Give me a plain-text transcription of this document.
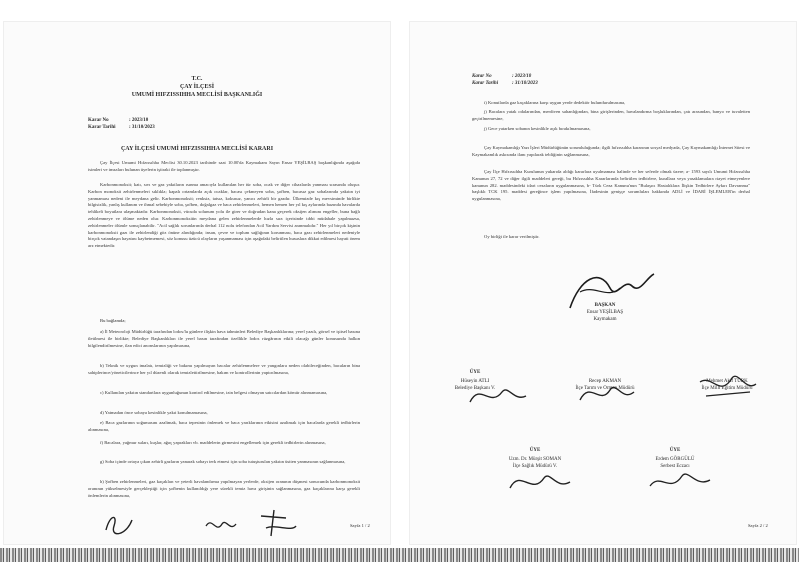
T.C.
ÇAY İLÇESİ
UMUMİ HIFZISSIHHA MECLİSİ BAŞKANLIĞI
Karar No	: 2023/10
Karar Tarihi	: 31/10/2023
ÇAY İLÇESİ UMUMİ HIFZISSIHHA MECLİSİ KARARI
Çay İlçesi Umumi Hıfzıssıhha Meclisi 30.10.2023 tarihinde saat 10.00'da Kaymakam Sayın Ensar YEŞİLBAŞ başkanlığında aşağıda isimleri ve imzaları bulunan üyelerin iştiraki ile toplanmıştır.
Karbonmonoksit; katı, sıvı ve gaz yakıtların ısınma amacıyla kullanılan her tür soba, ocak ve diğer cihazlarda yanması sırasında oluşur. Karbon monoksit zehirlenmeleri sıklıkla; kapalı ortamlarda açık ocaklar, bacası çekmeyen soba, şofben, bacasız gaz sobalarında yakıtın iyi yanmaması nedeni ile meydana gelir. Karbonmonoksit; renksiz, tatsız, kokusuz, yanıcı zehirli bir gazdır. Ülkemizde kış mevsiminde birlikte bilgisizlik, yanlış kullanım ve ihmal sebebiyle soba, şofben, doğalgaz ve baca zehirlenmeleri, hemen hemen her yıl kış aylarında bazında havalarda tehlikeli boyutlara ulaşmaktadır. Karbonmonoksit, vücuda solunum yolu ile girer ve doğrudan kana geçerek oksijen alımını engeller, buna bağlı zehirlenmeye ve ölüme neden olur. Karbonmonoksitin meydana gelen zehirlenmelerde hızla sıra içerisinde tıbbi müdahale yapılmazsa, zehirlenmeler ölümle sonuçlanabilir. "Acil sağlık sorunlarında derhal 112 nolu telefondan Acil Yardım Servisi aranmalıdır." Her yıl birçok kişinin karbonmonoksit gazı ile zehirlendiği göz önüne alındığında; insan, çevre ve toplum sağlığının korunması, baca gazı zehirlenmeleri nedeniyle birçok vatandaşın hayatını kaybetmemesi, söz konusu üzücü olayların yaşanmaması için aşağıdaki belirtilen hususlara dikkat edilmesi hayati önem arz etmektedir.
Bu bağlamda;
a) İl Meteoroloji Müdürlüğü tarafından lodos/lu günlere ilişkin hava tahminleri Belediye Başkanlıklarına; yerel yazılı, görsel ve işitsel basına iletilmesi ile birlikte; Belediye Başkanlıkları ile yerel basın tarafından özellikle lodos rüzgârının etkili olacağı günler konusunda halkın bilgilendirilmesine, ilan edici anonslarının yapılmasına,
b) Teknik ve uygun imalatı, temizliği ve bakımı yapılmayan bacalar zehirlenmelere ve yangınlara neden olabileceğinden, bacaların bina sahiplerince/yöneticilerince her yıl düzenli olarak temizlettirilmesine, bakım ve kontrollerinin yaptırılmasına,
c) Kullanılan yakıtın standartlara uygunluğunun kontrol edilmesine, izin belgesi olmayan satıcılardan kömür alınmamasına,
d) Yatmadan önce sobaya kesinlikle yakıt konulmamasına,
e) Baca gazlarının soğumasını azaltmak, baca tepesinin önlemek ve baca yarıklarının etkisini azaltmak için bacalarda gerekli tedbirlerin alınmasına,
f) Bacalara, yağmur suları, kuşlar, ağaç yaprakları vb. maddelerin girmesini engellemek için gerekli tedbirlerin alınmasına,
g) Soba içinde ortaya çıkan zehirli gazların yanarak sobayı terk etmesi için soba tutuşturulan yakıtın üstten yanmasının sağlanmasına,
h) Şofben zehirlenmeleri, gaz kaçakları ve yeterli havalandırma yapılmayan yerlerde, oksijen oranının düşmesi sonucunda karbonmonoksit oranının yükselmesiyle gerçekleştiği için şofbenin kullanıldığı yere sürekli temiz hava girişinin sağlanmasına, gaz kaçaklarına karşı gerekli önlemlerin alınmasına,
Sayfa 1 / 2
Karar No	: 2023/10
Karar Tarihi	: 31/10/2023
i) Konutlarda gaz kaçaklarına karşı uygun yerde dedektör bulundurulmasına,
j) Bacalara yatak odalarından, merdiven sahanlığından, bina girişlerinden, havalandırma boşluklarından, çatı arasından, banyo ve tuvaletten geçirilmemesine,
j) Gece yatarken sobanın kesinlikle açık bırakılmamasına,
Çay Kaymakamlığı Yazı İşleri Müdürlüğünün sorumluluğunda; ilgili hıfzıssıhha kararının sosyal medyada, Çay Kaymakamlığı İnternet Sitesi ve Kaymakamlık askısında ilanı yapılarak tebliğinin sağlanmasına,
Çay İlçe Hıfzıssıhha Kurulunun yukarıda aldığı kararlara uyulmaması halinde ve her seferde olmak üzere; a- 1593 sayılı Umumi Hıfzıssıhha Kanunun 27, 72 ve diğer ilgili maddeleri gereği, bu Hıfzıssıhha Kararlarında belirtilen tedbirlere, kurallara veya yasaklamalara riayet etmeyenlere kanunun 282. maddesindeki idari cezaların uygulanmasına, b- Türk Ceza Kanunu'nun "Bulaşıcı Hastalıklara İlişkin Tedbirlere Aykırı Davranma" başlıklı TCK 195. maddesi gereğince işlem yapılmasına, İfadesinin genişçe sorumluları hakkında ADLİ ve İDARİ İŞLEMLER'in derhal uygulanmasına,
Oy birliği ile karar verilmiştir.
BAŞKAN
Ensar YEŞİLBAŞ
Kaymakam
ÜYE
Hüseyin ATLI
Belediye Başkanı V.
Recep AKMAN
İlçe Tarım ve Orman Müdürü
Mehmet Akif TÜRK
İlçe Milli Eğitim Müdürü
ÜYE
Uzm. Dr. Mürşit SOMAN
İlçe Sağlık Müdürü V.
ÜYE
Erdem GÖRGÜLÜ
Serbest Eczacı
Sayfa 2 / 2
